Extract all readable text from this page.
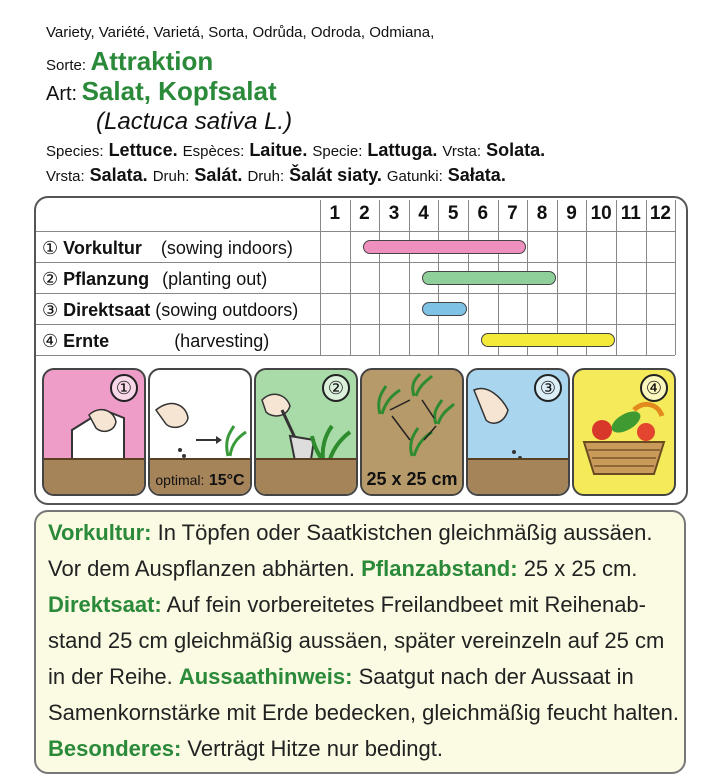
Variety, Variété, Varietá, Sorta, Odrůda, Odroda, Odmiana,
Sorte: Attraktion
Art: Salat, Kopfsalat
(Lactuca sativa L.)
Species: Lettuce. Espèces: Laitue. Specie: Lattuga. Vrsta: Solata.
Vrsta: Salata. Druh: Salát. Druh: Šalát siaty. Gatunki: Sałata.
1	2	3	4	5	6	7	8	9 10 11 12
① Vorkultur (sowing indoors)
② Pflanzung (planting out)
③ Direktsaat (sowing outdoors)
④ Ernte	(harvesting)
①
optimal: 15°C
②
25 x 25 cm
③	④
Vorkultur: In Töpfen oder Saatkistchen gleichmäßig aussäen.
Vor dem Auspflanzen abhärten. Pflanzabstand: 25 x 25 cm.
Direktsaat: Auf fein vorbereitetes Freilandbeet mit Reihenab-
stand 25 cm gleichmäßig aussäen, später vereinzeln auf 25 cm
in der Reihe. Aussaathinweis: Saatgut nach der Aussaat in
Samenkornstärke mit Erde bedecken, gleichmäßig feucht halten.
Besonderes: Verträgt Hitze nur bedingt.
